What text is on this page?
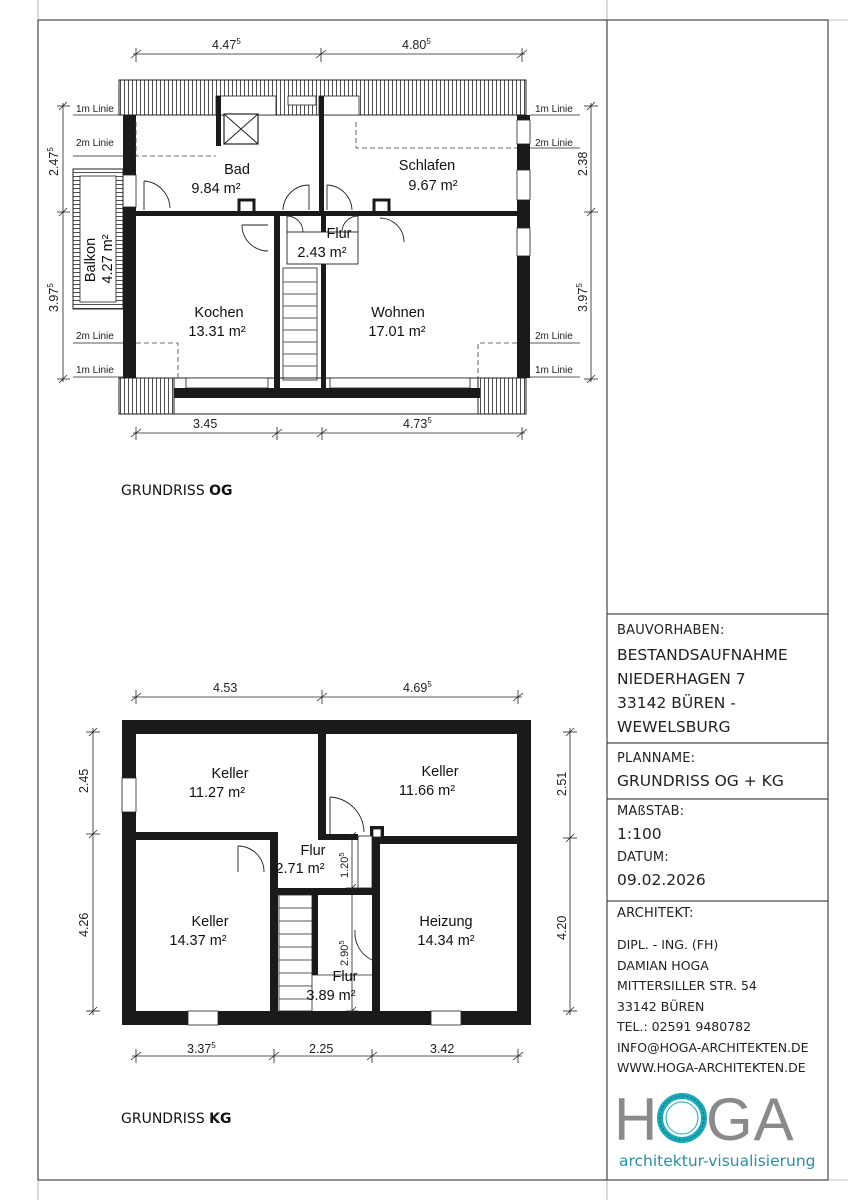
1m Linie
2m Linie
1m Linie
2m Linie
2m Linie
1m Linie
2m Linie
1m Linie
4.47$^5$	4.80$^5$
3.45	4.73$^5$
2.47$^5$
3.97$^5$
2.38
3.97$^5$
Bad
9.84 m²
Schlafen
9.67 m²
Flur
2.43 m²
Kochen
13.31 m²
Wohnen
17.01 m²
Balkon 4.27 m²
4.53	4.69$^5$
3.37$^5$	2.25	3.42
2.45
4.26
2.51
4.20
1.20$^5$
2.90$^5$
Keller
11.27 m²
Keller
11.66 m²
Flur
2.71 m²
Keller
14.37 m²
Heizung
14.34 m²
Flur
3.89 m²
HOGA
GRUNDRISS OG
GRUNDRISS KG
BAUVORHABEN:
BESTANDSAUFNAHME
NIEDERHAGEN 7
33142 BÜREN -
WEWELSBURG
PLANNAME:
GRUNDRISS OG + KG
MAßSTAB:
1:100
DATUM:
09.02.2026
ARCHITEKT:
DIPL. - ING. (FH)
DAMIAN HOGA
MITTERSILLER STR. 54
33142 BÜREN
TEL.: 02591 9480782
INFO@HOGA-ARCHITEKTEN.DE
WWW.HOGA-ARCHITEKTEN.DE
architektur-visualisierung
